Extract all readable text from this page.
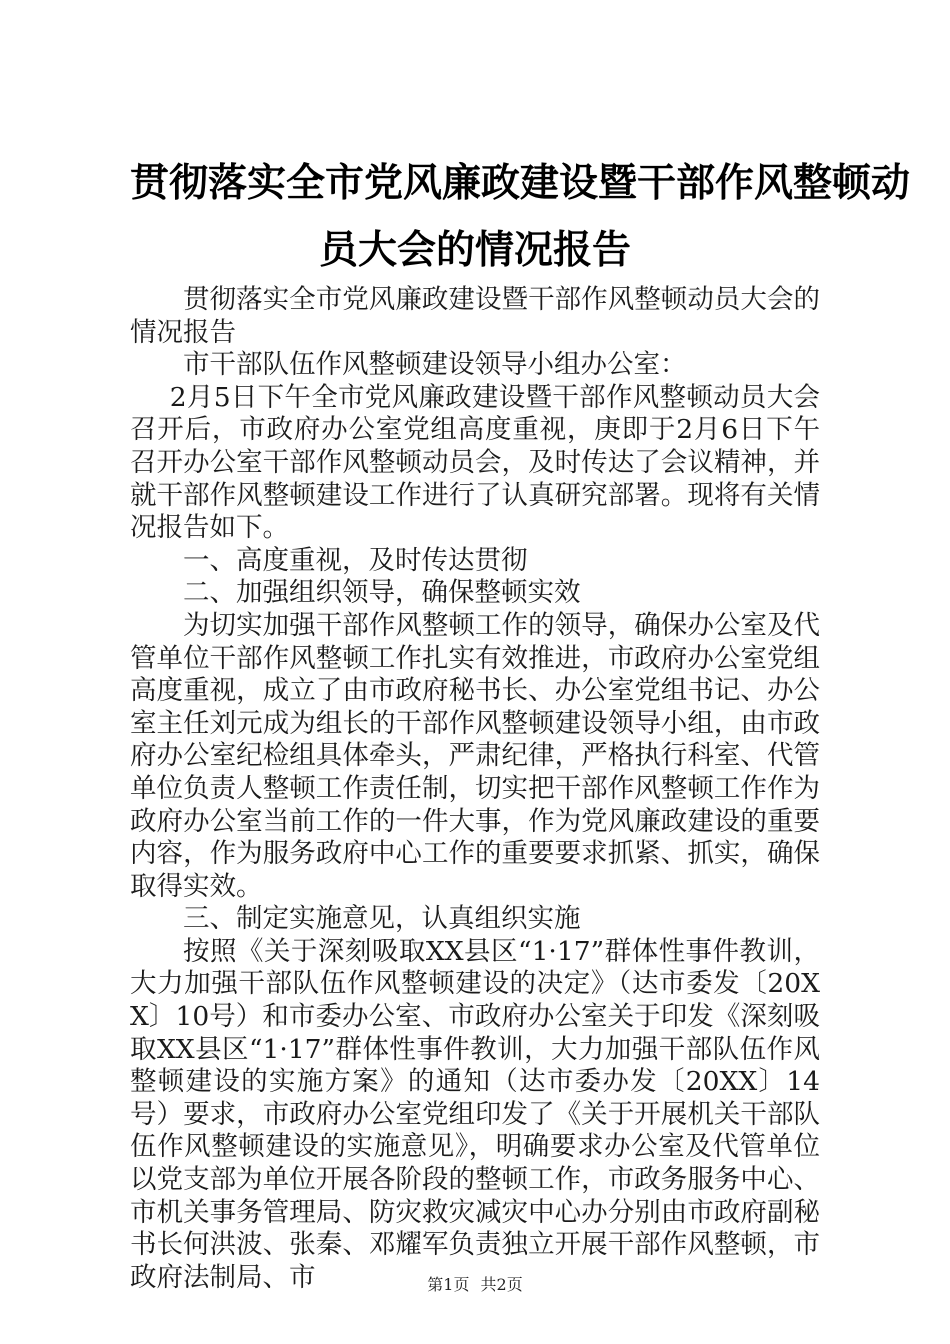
贯彻落实全市党风廉政建设暨干部作风整顿动
员大会的情况报告

贯彻落实全市党风廉政建设暨干部作风整顿动员大会的情况报告

市干部队伍作风整顿建设领导小组办公室：

2月5日下午全市党风廉政建设暨干部作风整顿动员大会召开后，市政府办公室党组高度重视，庚即于2月6日下午召开办公室干部作风整顿动员会，及时传达了会议精神，并就干部作风整顿建设工作进行了认真研究部署。现将有关情况报告如下。

一、高度重视，及时传达贯彻

二、加强组织领导，确保整顿实效

为切实加强干部作风整顿工作的领导，确保办公室及代管单位干部作风整顿工作扎实有效推进，市政府办公室党组高度重视，成立了由市政府秘书长、办公室党组书记、办公室主任刘元成为组长的干部作风整顿建设领导小组，由市政府办公室纪检组具体牵头，严肃纪律，严格执行科室、代管单位负责人整顿工作责任制，切实把干部作风整顿工作作为政府办公室当前工作的一件大事，作为党风廉政建设的重要内容，作为服务政府中心工作的重要要求抓紧、抓实，确保取得实效。

三、制定实施意见，认真组织实施

按照《关于深刻吸取XX县区“1·17”群体性事件教训，大力加强干部队伍作风整顿建设的决定》（达市委发〔20XX〕10号）和市委办公室、市政府办公室关于印发《深刻吸取XX县区“1·17”群体性事件教训，大力加强干部队伍作风整顿建设的实施方案》的通知（达市委办发〔20XX〕14号）要求，市政府办公室党组印发了《关于开展机关干部队伍作风整顿建设的实施意见》，明确要求办公室及代管单位以党支部为单位开展各阶段的整顿工作，市政务服务中心、市机关事务管理局、防灾救灾减灾中心办分别由市政府副秘书长何洪波、张秦、邓耀军负责独立开展干部作风整顿，市政府法制局、市	第1页 共2页
